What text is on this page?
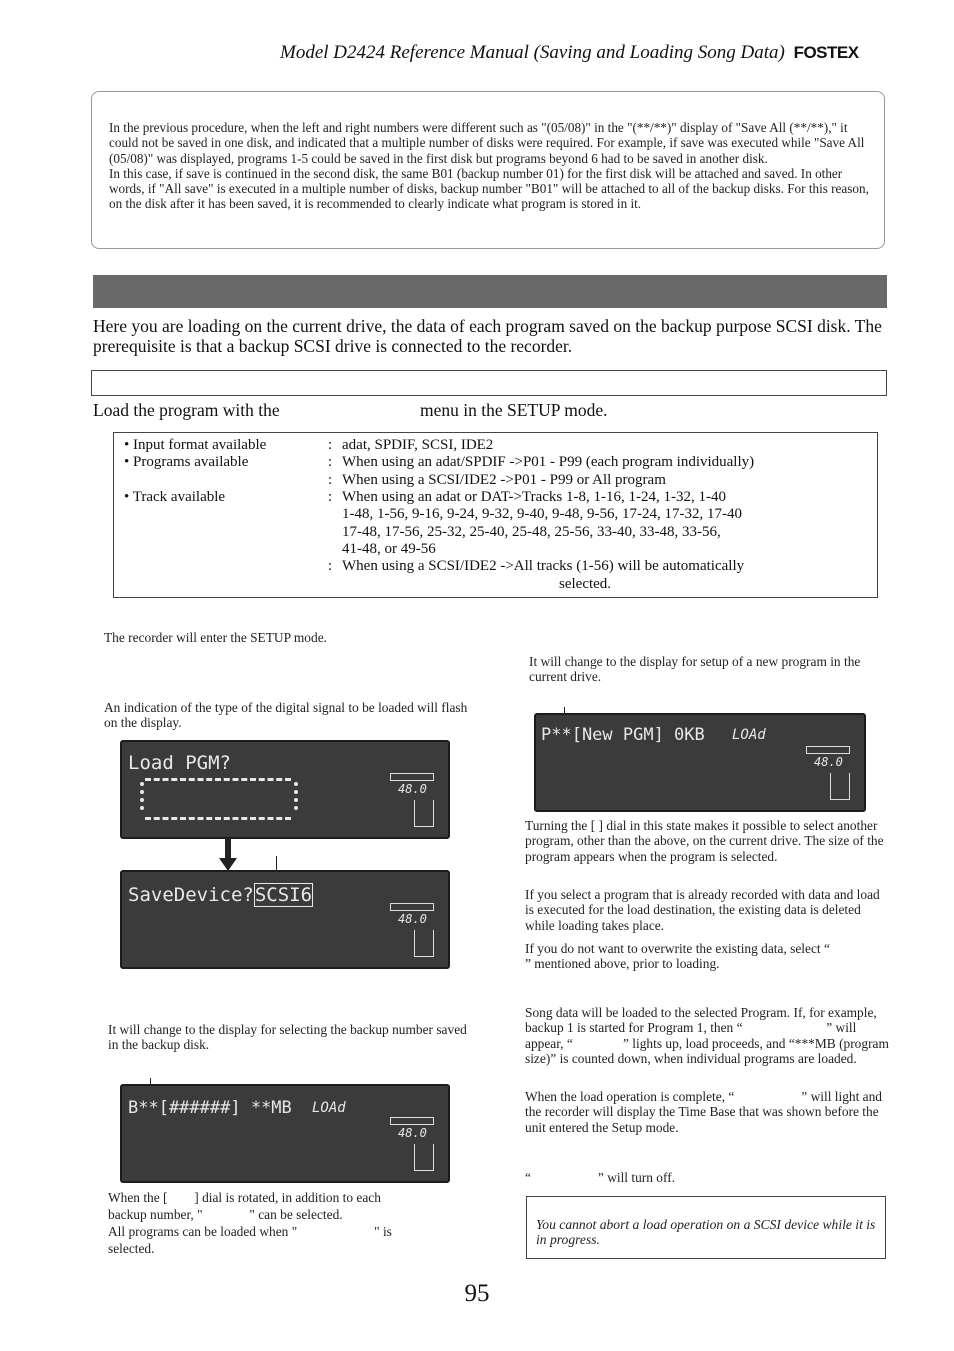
Model D2424 Reference Manual (Saving and Loading Song Data) FOSTEX

In the previous procedure, when the left and right numbers were different such as "(05/08)" in the "(**/**)" display of "Save All (**/**)," it could not be saved in one disk, and indicated that a multiple number of disks were required. For example, if save was executed while "Save All (05/08)" was displayed, programs 1-5 could be saved in the first disk but programs beyond 6 had to be saved in another disk.

In this case, if save is continued in the second disk, the same B01 (backup number 01) for the first disk will be attached and saved. In other words, if "All save" is executed in a multiple number of disks, backup number "B01" will be attached to all of the backup disks. For this reason, on the disk after it has been saved, it is recommended to clearly indicate what program is stored in it.

Here you are loading on the current drive, the data of each program saved on the backup purpose SCSI disk. The prerequisite is that a backup SCSI drive is connected to the recorder.
Load the program with the	menu in the SETUP mode.
• Input format available	: adat, SPDIF, SCSI, IDE2
• Programs available	: When using an adat/SPDIF ->P01 - P99 (each program individually)
: When using a SCSI/IDE2 ->P01 - P99 or All program
• Track available	: When using an adat or DAT->Tracks 1-8, 1-16, 1-24, 1-32, 1-40
1-48, 1-56, 9-16, 9-24, 9-32, 9-40, 9-48, 9-56, 17-24, 17-32, 17-40
17-48, 17-56, 25-32, 25-40, 25-48, 25-56, 33-40, 33-48, 33-56,
41-48, or 49-56
: When using a SCSI/IDE2 ->All tracks (1-56) will be automatically
selected.
The recorder will enter the SETUP mode.
An indication of the type of the digital signal to be loaded will flash on the display.
Load PGM?
48.0
SaveDevice?SCSI6
48.0
It will change to the display for selecting the backup number saved in the backup disk.
B**[######] **MB LOAd
48.0
When the [        ] dial is rotated, in addition to each
backup number, "              " can be selected.
All programs can be loaded when "                       " is
selected.
It will change to the display for setup of a new program in the current drive.
P**[New PGM] 0KB LOAd
48.0
Turning the [ ] dial in this state makes it possible to select another program, other than the above, on the current drive. The size of the program appears when the program is selected.
If you select a program that is already recorded with data and load is executed for the load destination, the existing data is deleted while loading takes place.
If you do not want to overwrite the existing data, select “                ” mentioned above, prior to loading.
Song data will be loaded to the selected Program. If, for example, backup 1 is started for Program 1, then “                         ” will appear, “               ” lights up, load proceeds, and “***MB (program size)” is counted down, when individual programs are loaded.
When the load operation is complete, “                    ” will light and the recorder will display the Time Base that was shown before the unit entered the Setup mode.
“                    ” will turn off.
You cannot abort a load operation on a SCSI device while it is in progress.
95
